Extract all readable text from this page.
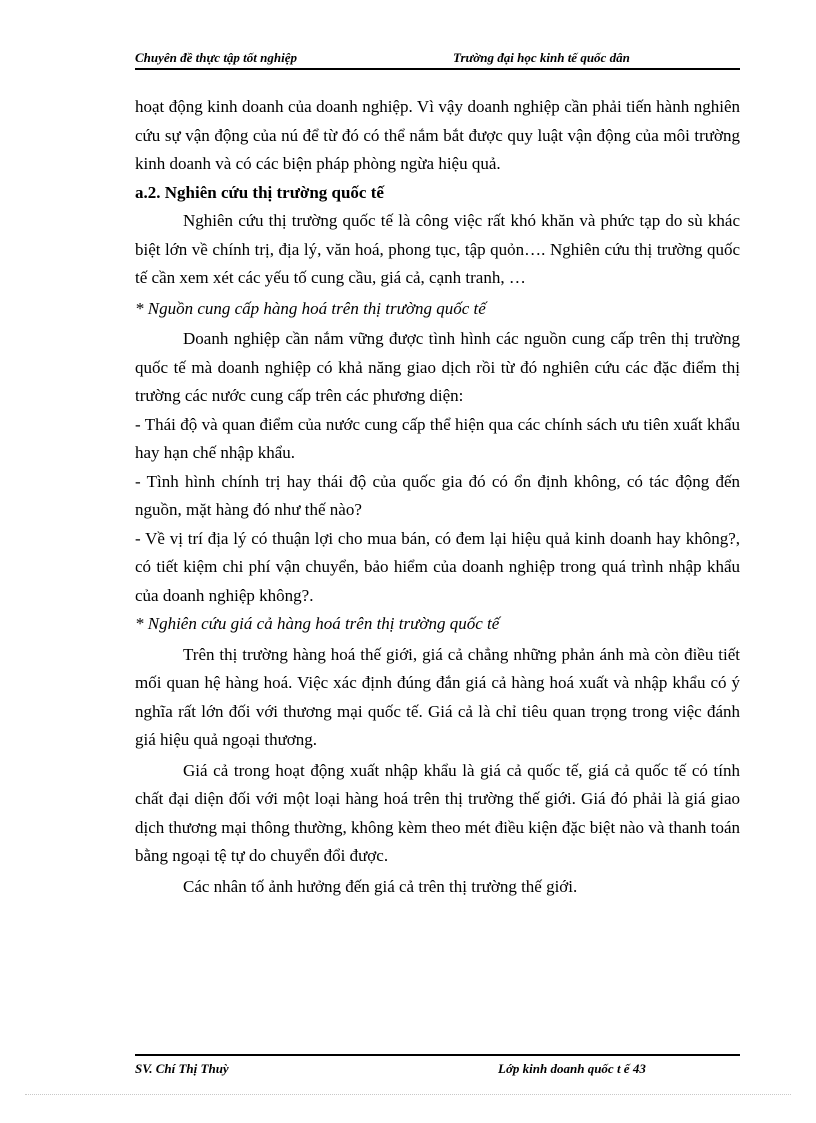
Chuyên đề thực tập tốt nghiệp	Trường đại học kinh tế quốc dân

hoạt động kinh doanh của doanh nghiệp. Vì vậy doanh nghiệp cần phải tiến hành nghiên cứu sự vận động của nú để từ đó có thể nắm bắt được quy luật vận động của môi trường kinh doanh và có các biện pháp phòng ngừa hiệu quả.

a.2. Nghiên cứu thị trường quốc tế

Nghiên cứu thị trường quốc tế là công việc rất khó khăn và phức tạp do sù khác biệt lớn về chính trị, địa lý, văn hoá, phong tục, tập quỏn…. Nghiên cứu thị trường quốc tế cần xem xét các yếu tố cung cầu, giá cả, cạnh tranh, …

* Nguồn cung cấp hàng hoá trên thị trường quốc tế

Doanh nghiệp cần nắm vững được tình hình các nguồn cung cấp trên thị trường quốc tế mà doanh nghiệp có khả năng giao dịch rồi từ đó nghiên cứu các đặc điểm thị trường các nước cung cấp trên các phương diện:

- Thái độ và quan điểm của nước cung cấp thể hiện qua các chính sách ưu tiên xuất khẩu hay hạn chế nhập khẩu.

- Tình hình chính trị hay thái độ của quốc gia đó có ổn định không, có tác động đến nguồn, mặt hàng đó như thế nào?

- Về vị trí địa lý có thuận lợi cho mua bán, có đem lại hiệu quả kinh doanh hay không?, có tiết kiệm chi phí vận chuyển, bảo hiểm của doanh nghiệp trong quá trình nhập khẩu của doanh nghiệp không?.

* Nghiên cứu giá cả hàng hoá trên thị trường quốc tế

Trên thị trường hàng hoá thế giới, giá cả chẳng những phản ánh mà còn điều tiết mối quan hệ hàng hoá. Việc xác định đúng đắn giá cả hàng hoá xuất và nhập khẩu có ý nghĩa rất lớn đối với thương mại quốc tế. Giá cả là chỉ tiêu quan trọng trong việc đánh giá hiệu quả ngoại thương.

Giá cả trong hoạt động xuất nhập khẩu là giá cả quốc tế, giá cả quốc tế có tính chất đại diện đối với một loại hàng hoá trên thị trường thế giới. Giá đó phải là giá giao dịch thương mại thông thường, không kèm theo mét điều kiện đặc biệt nào và thanh toán bằng ngoại tệ tự do chuyển đổi được.

Các nhân tố ảnh hưởng đến giá cả trên thị trường thế giới.

SV. Chí Thị Thuỳ	Lớp kinh doanh quốc t ế 43
